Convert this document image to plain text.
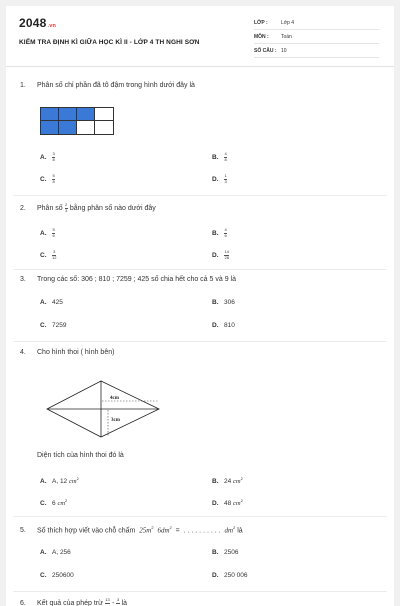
2048.vn
KIỂM TRA ĐỊNH KÌ GIỮA HỌC KÌ II - LỚP 4 TH NGHI SƠN
LỚP :	Lớp 4
MÔN :	Toán
SỐ CÂU : 10
1. Phân số chỉ phần đã tô đậm trong hình dưới đây là
A. $\frac{3}{8}$	B. $\frac{4}{8}$
C. $\frac{5}{8}$	D. $\frac{1}{3}$
2. Phân số $\frac{2}{3}$ bằng phân số nào dưới đây
A. $\frac{5}{6}$	B. $\frac{4}{6}$
C. $\frac{3}{12}$	D. $\frac{14}{28}$
3. Trong các số: 306 ; 810 ; 7259 ; 425 số chia hết cho cả 5 và 9 là
A. 425	B. 306
C. 7259	D. 810
4. Cho hình thoi ( hình bên)
4cm
3cm
Diện tích của hình thoi đó là
A. A, 12 $cm^2$	B. 24 $cm^2$
C. 6 $cm^2$	D. 48 $cm^2$
5. Số thích hợp viết vào chỗ chấm $25m^2$ $6dm^2$ = . . . . . . . . . . $dm^2$ là
A. A, 256	B. 2506
C. 250600	D. 250 006
6. Kết quả của phép trừ
13

-
3

là
